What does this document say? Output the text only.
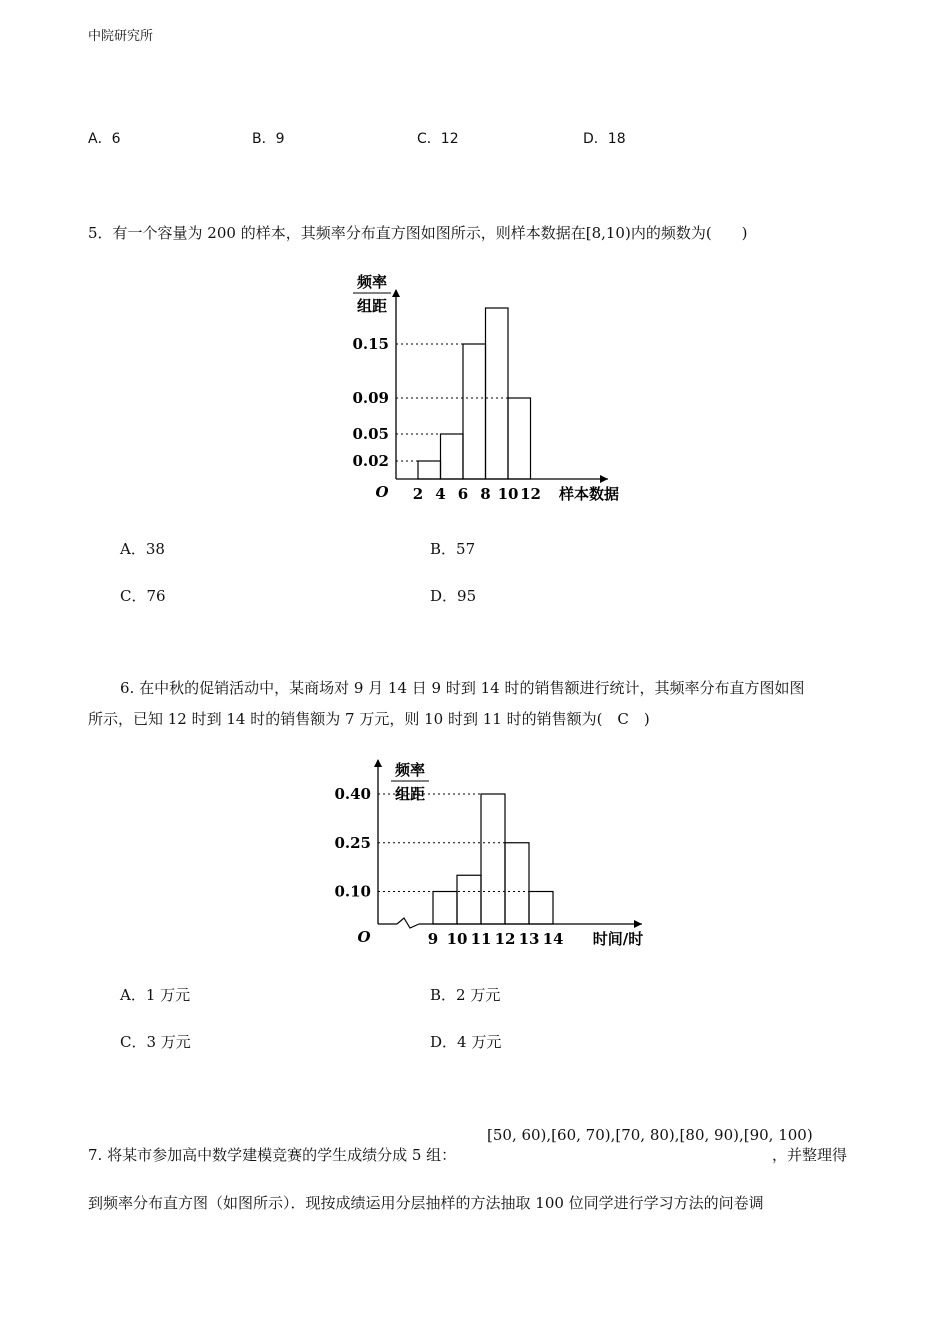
中院研究所
A．6	B．9	C．12	D．18
5．有一个容量为 200 的样本，其频率分布直方图如图所示，则样本数据在[8,10)内的频数为(　　)
频率
组距
O
0.15
0.09
0.05
0.02
2 4 6 8 10 12 样本数据
A．38	B．57
C．76	D．95
6. 在中秋的促销活动中，某商场对 9 月 14 日 9 时到 14 时的销售额进行统计，其频率分布直方图如图
所示，已知 12 时到 14 时的销售额为 7 万元，则 10 时到 11 时的销售额为(　C　)
频率
组距
O
0.40
0.25
0.10
9 10 11 12 13 14 时间/时
A．1 万元	B．2 万元
C．3 万元	D．4 万元
[50, 60),[60, 70),[70, 80),[80, 90),[90, 100)
7. 将某市参加高中数学建模竞赛的学生成绩分成 5 组：	，并整理得
到频率分布直方图（如图所示）．现按成绩运用分层抽样的方法抽取 100 位同学进行学习方法的问卷调
